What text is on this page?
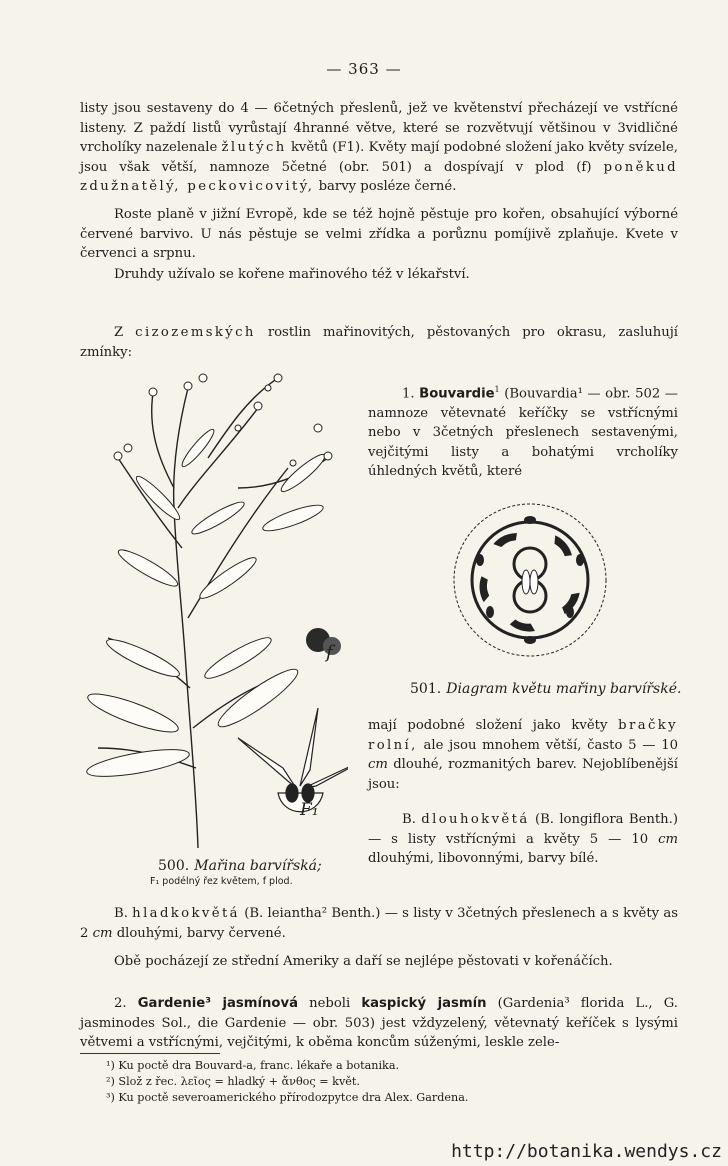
— 363 —

listy jsou sestaveny do 4 — 6četných přeslenů, jež ve květenství přecházejí ve vstřícné listeny. Z paždí listů vyrůstají 4hranné větve, které se rozvětvují většinou v 3vidličné vrcholíky nazelenale žlutých květů (F1). Květy mají podobné složení jako květy svízele, jsou však větší, namnoze 5četné (obr. 501) a dospívají v plod (f) poněkud zdužnatělý, peckovicovitý, barvy posléze černé.

Roste planě v jižní Evropě, kde se též hojně pěstuje pro kořen, obsahující výborné červené barvivo. U nás pěstuje se velmi zřídka a porůznu pomíjivě zplaňuje. Kvete v červenci a srpnu.

Druhdy užívalo se kořene mařinového též v lékařství.

Z cizozemských rostlin mařinovitých, pěstovaných pro okrasu, zasluhují zmínky:

f
F₁
500. Mařina barvířská;
F₁ podélný řez květem, f plod.

1. Bouvardie$^1$ (Bouvardia¹ — obr. 502 — namnoze větevnaté keříčky se vstřícnými nebo v 3četných přeslenech sestavenými, vejčitými listy a bohatými vrcholíky úhledných květů, které

501. Diagram květu mařiny barvířské.

mají podobné složení jako květy bračky rolní, ale jsou mnohem větší, často 5 — 10 cm dlouhé, rozmanitých barev. Nejoblíbenější jsou:

B. dlouhokvětá (B. longiflora Benth.) — s listy vstřícnými a květy 5 — 10 cm dlouhými, libovonnými, barvy bílé.

B. hladkokvětá (B. leiantha² Benth.) — s listy v 3četných přeslenech a s květy as 2 cm dlouhými, barvy červené.

Obě pocházejí ze střední Ameriky a daří se nejlépe pěstovati v kořenáčích.

2. Gardenie³ jasmínová neboli kaspický jasmín (Gardenia³ florida L., G. jasminodes Sol., die Gardenie — obr. 503) jest vždyzelený, větevnatý keříček s lysými větvemi a vstřícnými, vejčitými, k oběma koncům súženými, leskle zele-

¹) Ku poctě dra Bouvard-a, franc. lékaře a botanika.

²) Slož z řec. λεῖος = hladký + ἄνθος = květ.

³) Ku poctě severoamerického přírodozpytce dra Alex. Gardena.

http://botanika.wendys.cz
